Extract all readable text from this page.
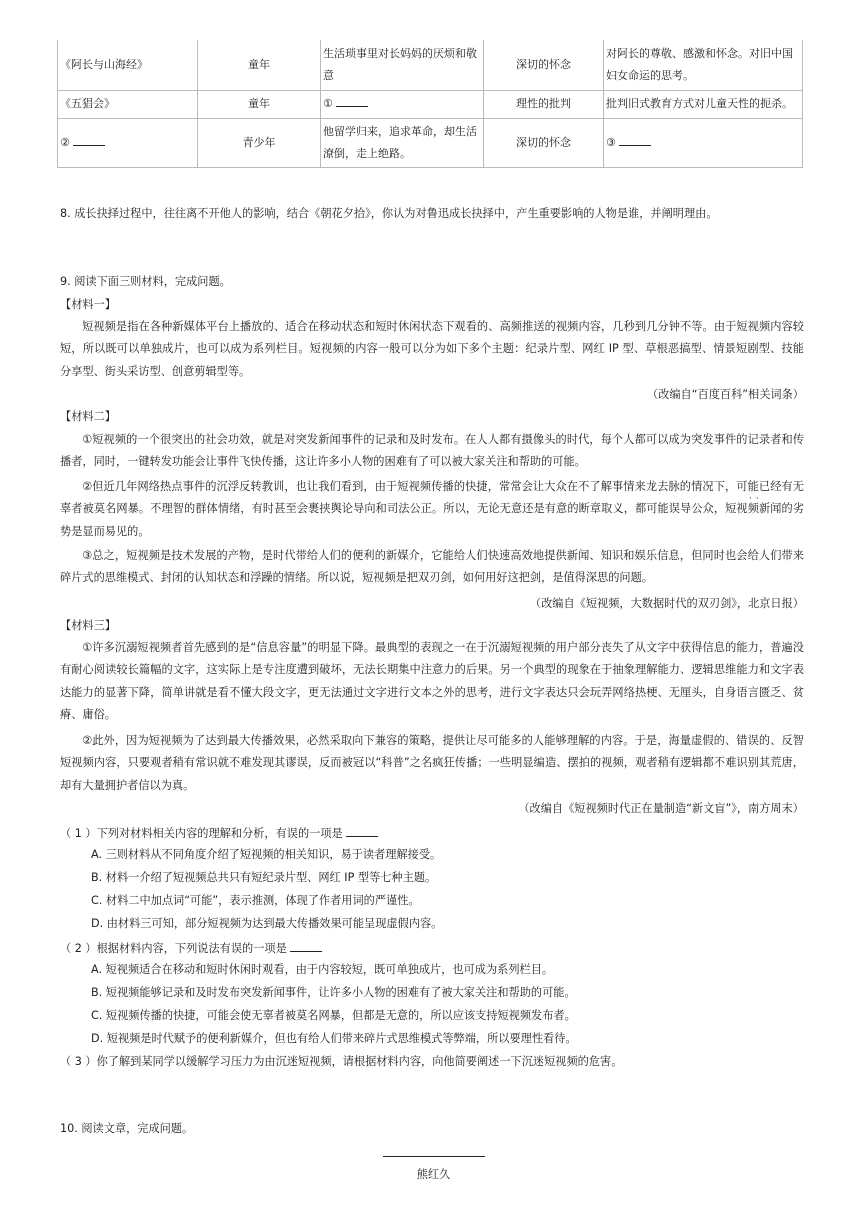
《阿长与山海经》	童年	生活琐事里对长妈妈的厌烦和敬意	深切的怀念	对阿长的尊敬、感激和怀念。对旧中国妇女命运的思考。
《五猖会》	童年	①	理性的批判	批判旧式教育方式对儿童天性的扼杀。
②	青少年	他留学归来，追求革命，却生活潦倒，走上绝路。	深切的怀念	③
8. 成长抉择过程中，往往离不开他人的影响，结合《朝花夕拾》，你认为对鲁迅成长抉择中，产生重要影响的人物是谁，并阐明理由。
9. 阅读下面三则材料，完成问题。
【材料一】
短视频是指在各种新媒体平台上播放的、适合在移动状态和短时休闲状态下观看的、高频推送的视频内容，几秒到几分钟不等。由于短视频内容较短，所以既可以单独成片，也可以成为系列栏目。短视频的内容一般可以分为如下多个主题：纪录片型、网红 IP 型、草根恶搞型、情景短剧型、技能分享型、街头采访型、创意剪辑型等。
（改编自“百度百科”相关词条）
【材料二】
①短视频的一个很突出的社会功效，就是对突发新闻事件的记录和及时发布。在人人都有摄像头的时代，每个人都可以成为突发事件的记录者和传播者，同时，一键转发功能会让事件飞快传播，这让许多小人物的困难有了可以被大家关注和帮助的可能。
②但近几年网络热点事件的沉浮反转教训，也让我们看到，由于短视频传播的快捷，常常会让大众在不了解事情来龙去脉的情况下，可能已经有无辜者被莫名网暴。不理智的群体情绪，有时甚至会裹挟舆论导向和司法公正。所以，无论无意还是有意的断章取义，都可能误导公众，短视频新闻的劣势是显而易见的。
··
③总之，短视频是技术发展的产物，是时代带给人们的便利的新媒介，它能给人们快速高效地提供新闻、知识和娱乐信息，但同时也会给人们带来碎片式的思维模式、封闭的认知状态和浮躁的情绪。所以说，短视频是把双刃剑，如何用好这把剑，是值得深思的问题。
（改编自《短视频，大数据时代的双刃剑》，北京日报）
【材料三】
①许多沉溺短视频者首先感到的是“信息容量”的明显下降。最典型的表现之一在于沉溺短视频的用户部分丧失了从文字中获得信息的能力，普遍没有耐心阅读较长篇幅的文字，这实际上是专注度遭到破坏，无法长期集中注意力的后果。另一个典型的现象在于抽象理解能力、逻辑思维能力和文字表达能力的显著下降，简单讲就是看不懂大段文字，更无法通过文字进行文本之外的思考，进行文字表达只会玩弄网络热梗、无厘头，自身语言匮乏、贫瘠、庸俗。
②此外，因为短视频为了达到最大传播效果，必然采取向下兼容的策略，提供让尽可能多的人能够理解的内容。于是，海量虚假的、错误的、反智短视频内容，只要观者稍有常识就不难发现其谬误，反而被冠以“科普”之名疯狂传播；一些明显编造、摆拍的视频，观者稍有逻辑都不难识别其荒唐，却有大量拥护者信以为真。
（改编自《短视频时代正在量制造“新文盲”》，南方周末）
（ 1 ）下列对材料相关内容的理解和分析，有误的一项是
A. 三则材料从不同角度介绍了短视频的相关知识，易于读者理解接受。
B. 材料一介绍了短视频总共只有短纪录片型、网红 IP 型等七种主题。
C. 材料二中加点词“可能”，表示推测，体现了作者用词的严谨性。
D. 由材料三可知，部分短视频为达到最大传播效果可能呈现虚假内容。
（ 2 ）根据材料内容，下列说法有误的一项是
A. 短视频适合在移动和短时休闲时观看，由于内容较短，既可单独成片，也可成为系列栏目。
B. 短视频能够记录和及时发布突发新闻事件，让许多小人物的困难有了被大家关注和帮助的可能。
C. 短视频传播的快捷，可能会使无辜者被莫名网暴，但都是无意的，所以应该支持短视频发布者。
D. 短视频是时代赋予的便利新媒介，但也有给人们带来碎片式思维模式等弊端，所以要理性看待。
（ 3 ）你了解到某同学以缓解学习压力为由沉迷短视频，请根据材料内容，向他简要阐述一下沉迷短视频的危害。
10. 阅读文章，完成问题。
熊红久
